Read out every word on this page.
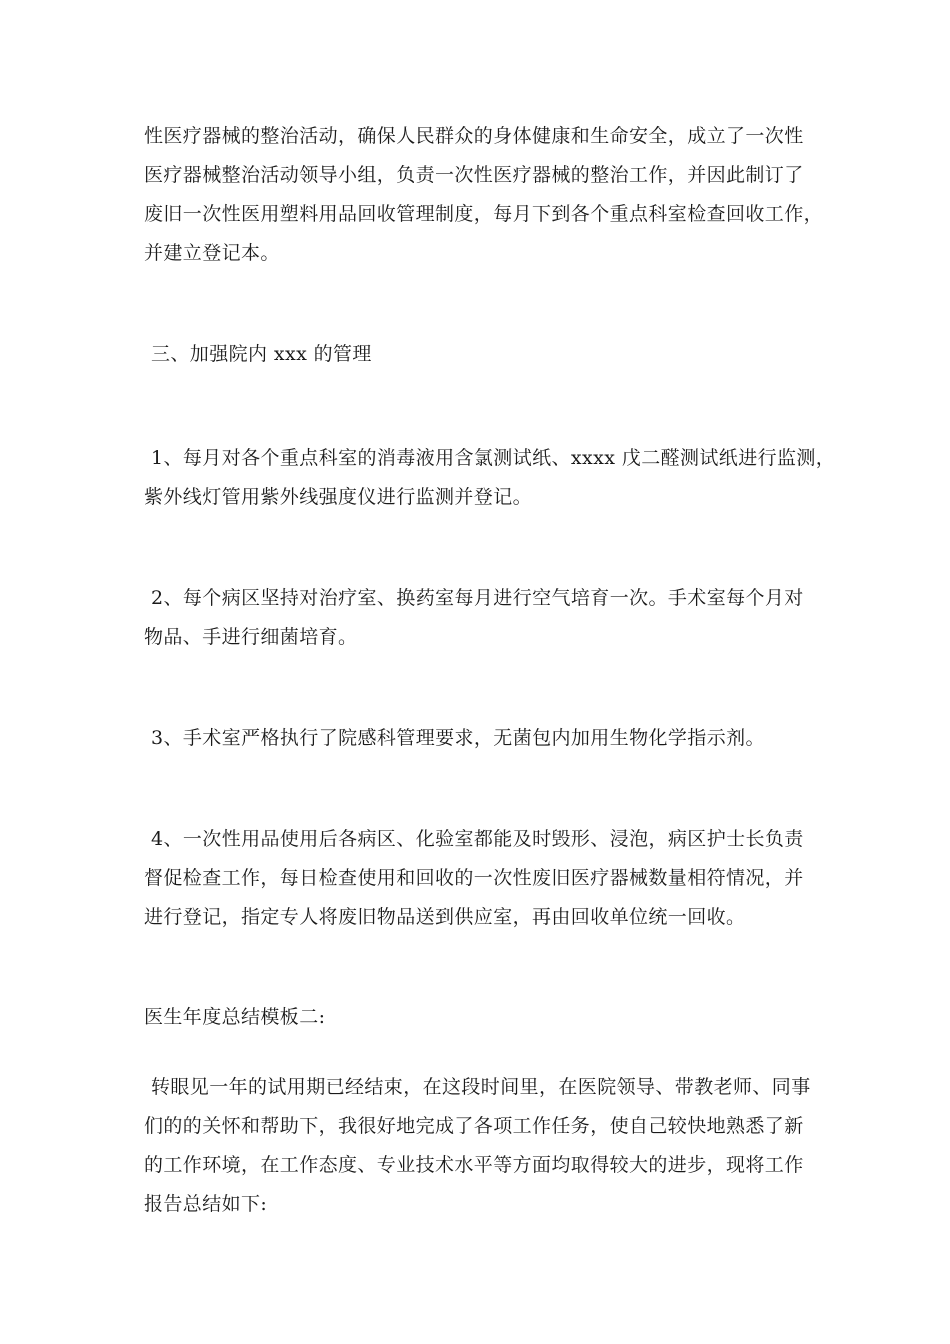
性医疗器械的整治活动，确保人民群众的身体健康和生命安全，成立了一次性
医疗器械整治活动领导小组，负责一次性医疗器械的整治工作，并因此制订了
废旧一次性医用塑料用品回收管理制度，每月下到各个重点科室检查回收工作，
并建立登记本。
三、加强院内 xxx 的管理
1、每月对各个重点科室的消毒液用含氯测试纸、xxxx 戊二醛测试纸进行监测，
紫外线灯管用紫外线强度仪进行监测并登记。
2、每个病区坚持对治疗室、换药室每月进行空气培育一次。手术室每个月对
物品、手进行细菌培育。
3、手术室严格执行了院感科管理要求，无菌包内加用生物化学指示剂。
4、一次性用品使用后各病区、化验室都能及时毁形、浸泡，病区护士长负责
督促检查工作，每日检查使用和回收的一次性废旧医疗器械数量相符情况，并
进行登记，指定专人将废旧物品送到供应室，再由回收单位统一回收。
医生年度总结模板二:
转眼见一年的试用期已经结束，在这段时间里，在医院领导、带教老师、同事
们的的关怀和帮助下，我很好地完成了各项工作任务，使自己较快地熟悉了新
的工作环境，在工作态度、专业技术水平等方面均取得较大的进步，现将工作
报告总结如下:
